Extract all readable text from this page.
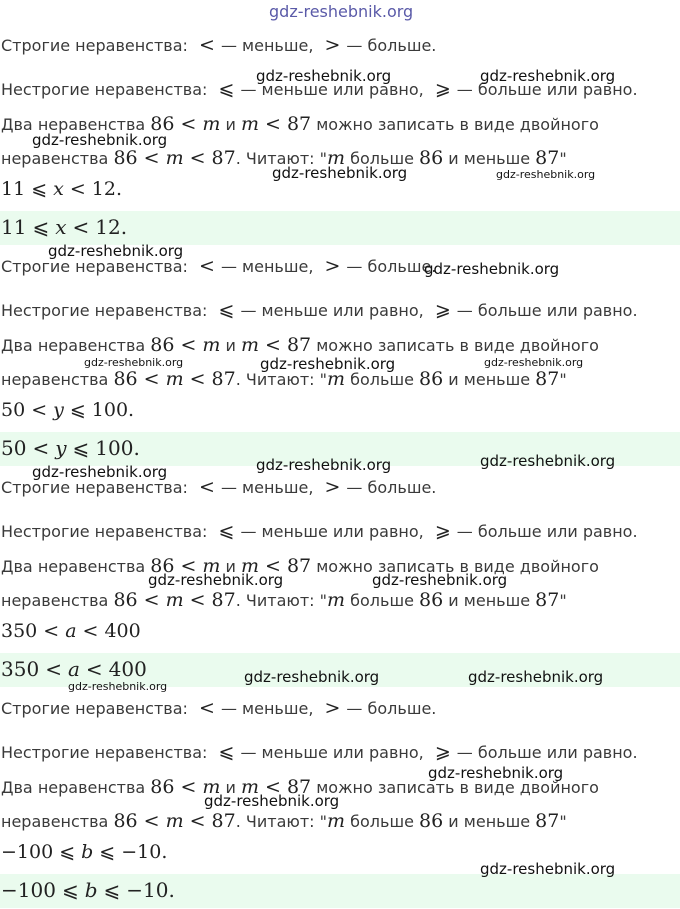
Строгие неравенства: < — меньше, > — больше.
Нестрогие неравенства: ⩽ — меньше или равно, ⩾ — больше или равно.
Два неравенства 86 < m и m < 87 можно записать в виде двойного
неравенства 86 < m < 87. Читают: "m больше 86 и меньше 87"
11 ⩽ x < 12.
11 ⩽ x < 12.
Строгие неравенства: < — меньше, > — больше.
Нестрогие неравенства: ⩽ — меньше или равно, ⩾ — больше или равно.
Два неравенства 86 < m и m < 87 можно записать в виде двойного
неравенства 86 < m < 87. Читают: "m больше 86 и меньше 87"
50 < y ⩽ 100.
50 < y ⩽ 100.
Строгие неравенства: < — меньше, > — больше.
Нестрогие неравенства: ⩽ — меньше или равно, ⩾ — больше или равно.
Два неравенства 86 < m и m < 87 можно записать в виде двойного
неравенства 86 < m < 87. Читают: "m больше 86 и меньше 87"
350 < a < 400
350 < a < 400
Строгие неравенства: < — меньше, > — больше.
Нестрогие неравенства: ⩽ — меньше или равно, ⩾ — больше или равно.
Два неравенства 86 < m и m < 87 можно записать в виде двойного
неравенства 86 < m < 87. Читают: "m больше 86 и меньше 87"
−100 ⩽ b ⩽ −10.
−100 ⩽ b ⩽ −10.
gdz-reshebnik.org
gdz-reshebnik.org	gdz-reshebnik.org
gdz-reshebnik.org
gdz-reshebnik.org	gdz-reshebnik.org
gdz-reshebnik.org
gdz-reshebnik.org
gdz-reshebnik.org	gdz-reshebnik.org	gdz-reshebnik.org
gdz-reshebnik.org	gdz-reshebnik.org	gdz-reshebnik.org
gdz-reshebnik.org	gdz-reshebnik.org
gdz-reshebnik.org
gdz-reshebnik.org	gdz-reshebnik.org
gdz-reshebnik.org
gdz-reshebnik.org
gdz-reshebnik.org
